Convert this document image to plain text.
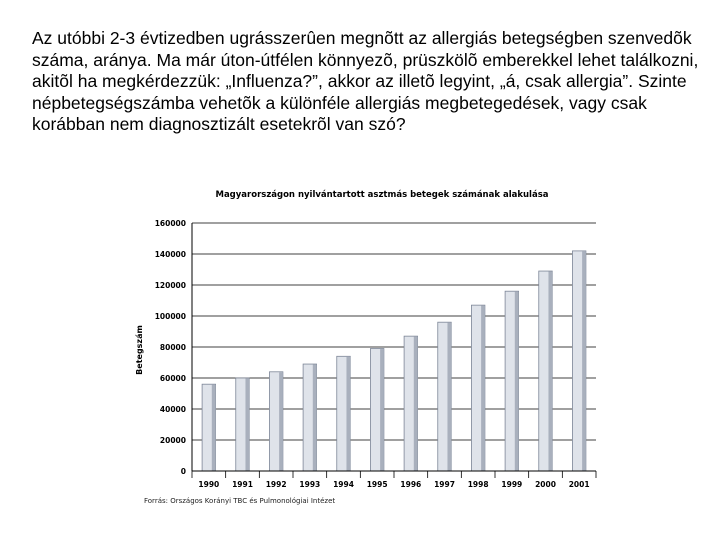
Az utóbbi 2-3 évtizedben ugrásszerûen megnõtt az allergiás betegségben szenvedõk száma, aránya. Ma már úton-útfélen könnyezõ, prüszkölõ emberekkel lehet találkozni, akitõl ha megkérdezzük: „Influenza?”, akkor az illetõ legyint, „á, csak allergia”. Szinte népbetegségszámba vehetõk a különféle allergiás megbetegedések, vagy csak korábban nem diagnosztizált esetekrõl van szó?

Magyarországon nyilvántartott asztmás betegek számának alakulása
Betegszám
0
20000
40000
60000
80000
100000
120000
140000
160000
1990 1991 1992 1993 1994 1995 1996 1997 1998 1999 2000 2001
Forrás: Országos Korányi TBC és Pulmonológiai Intézet
